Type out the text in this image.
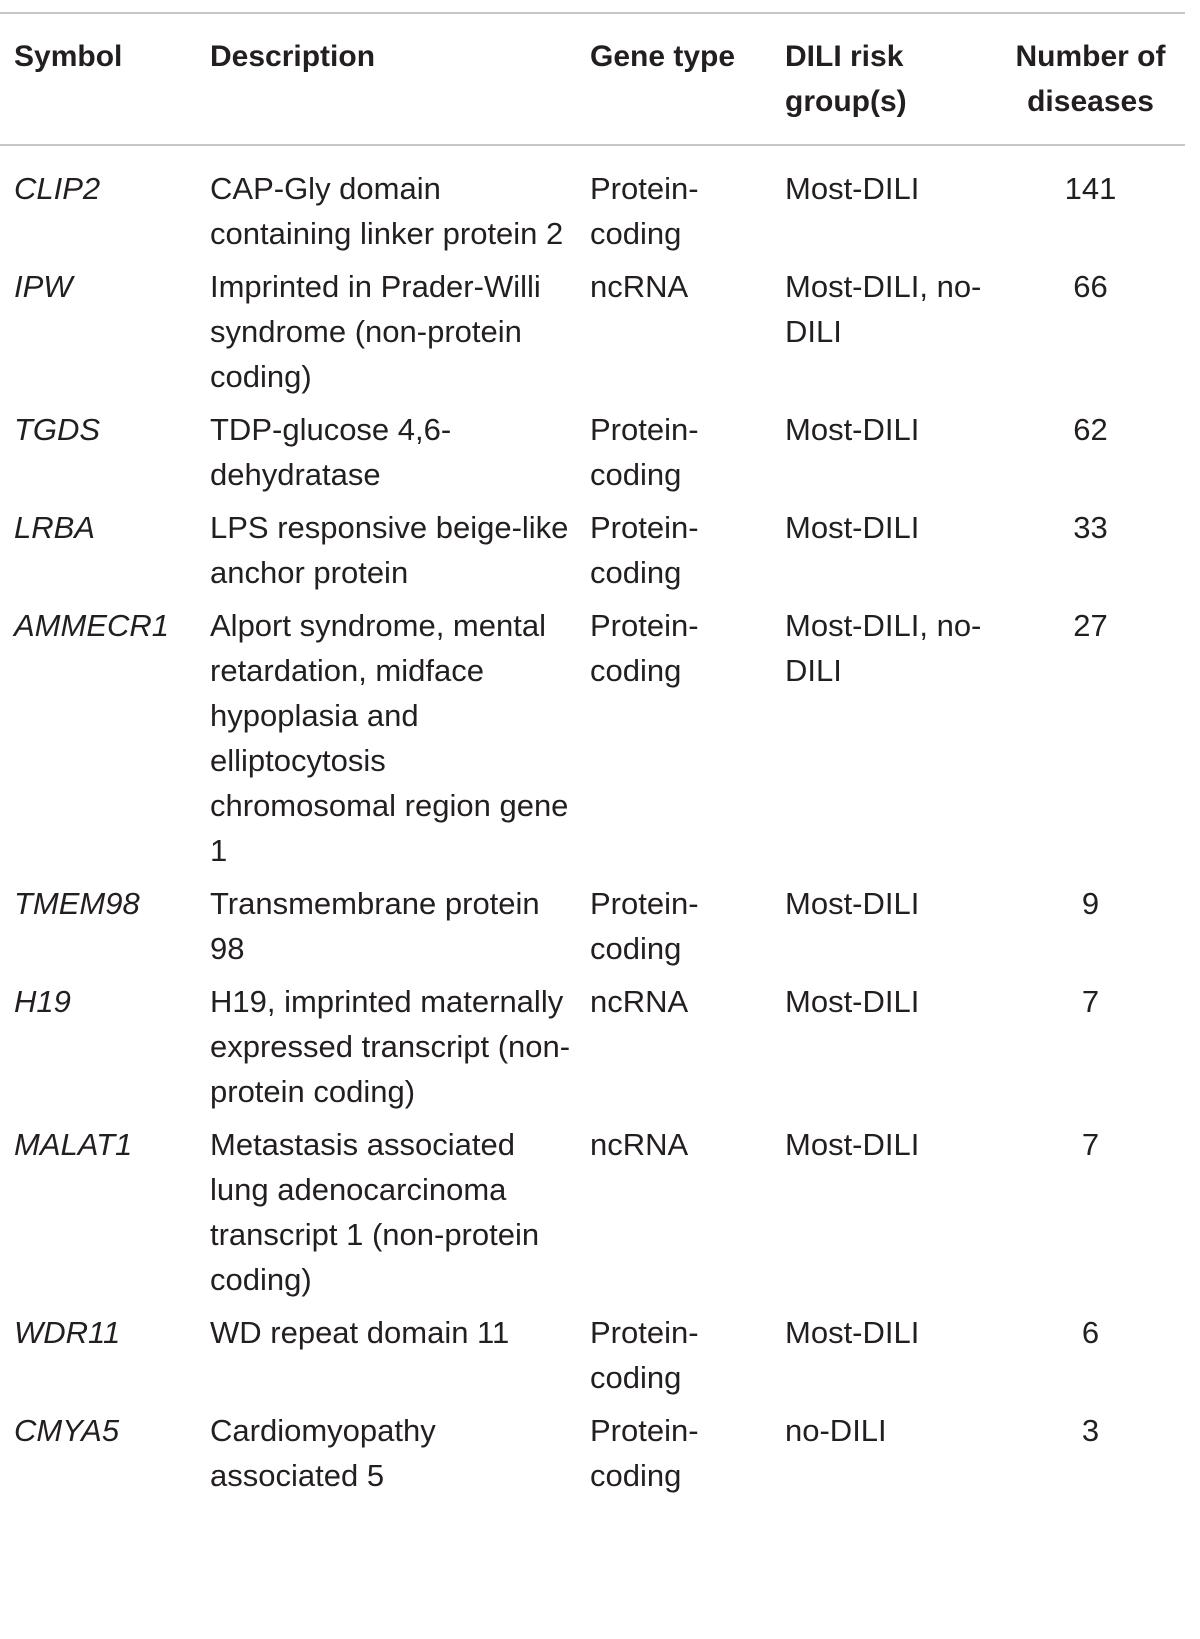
Symbol	Description	Gene type	DILI risk group(s)	Number of diseases
CLIP2	CAP-Gly domain containing linker protein 2	Protein-coding	Most-DILI	141
IPW	Imprinted in Prader-Willi syndrome (non-protein coding)	ncRNA	Most-DILI, no-DILI	66
TGDS	TDP-glucose 4,6-dehydratase	Protein-coding	Most-DILI	62
LRBA	LPS responsive beige-like anchor protein	Protein-coding	Most-DILI	33
AMMECR1	Alport syndrome, mental retardation, midface hypoplasia and elliptocytosis chromosomal region gene 1	Protein-coding	Most-DILI, no-DILI	27
TMEM98	Transmembrane protein 98	Protein-coding	Most-DILI	9
H19	H19, imprinted maternally expressed transcript (non-protein coding)	ncRNA	Most-DILI	7
MALAT1	Metastasis associated lung adenocarcinoma transcript 1 (non-protein coding)	ncRNA	Most-DILI	7
WDR11	WD repeat domain 11	Protein-coding	Most-DILI	6
CMYA5	Cardiomyopathy associated 5	Protein-coding	no-DILI	3
